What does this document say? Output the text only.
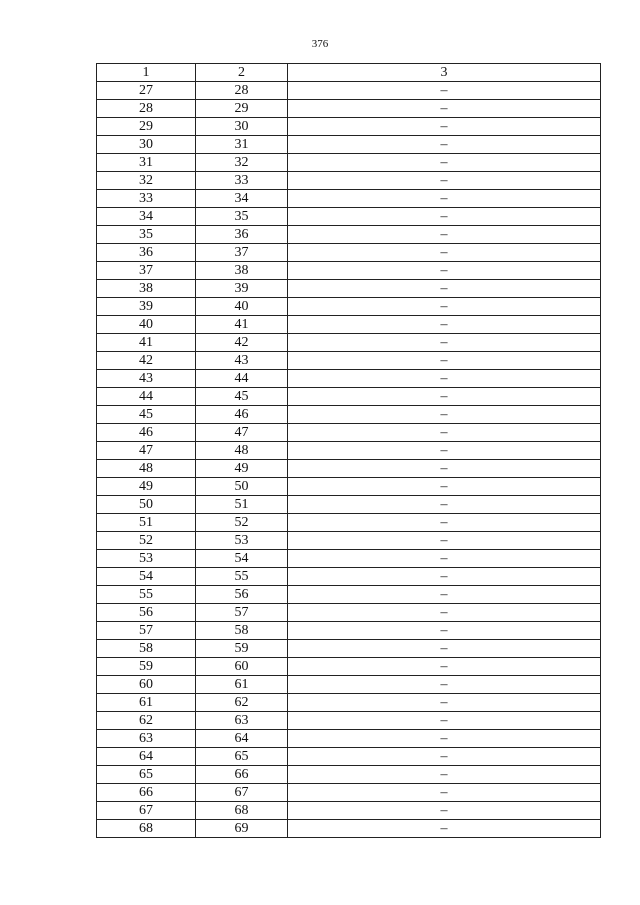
376
1	2	3
27	28	–
28	29	–
29	30	–
30	31	–
31	32	–
32	33	–
33	34	–
34	35	–
35	36	–
36	37	–
37	38	–
38	39	–
39	40	–
40	41	–
41	42	–
42	43	–
43	44	–
44	45	–
45	46	–
46	47	–
47	48	–
48	49	–
49	50	–
50	51	–
51	52	–
52	53	–
53	54	–
54	55	–
55	56	–
56	57	–
57	58	–
58	59	–
59	60	–
60	61	–
61	62	–
62	63	–
63	64	–
64	65	–
65	66	–
66	67	–
67	68	–
68	69	–
